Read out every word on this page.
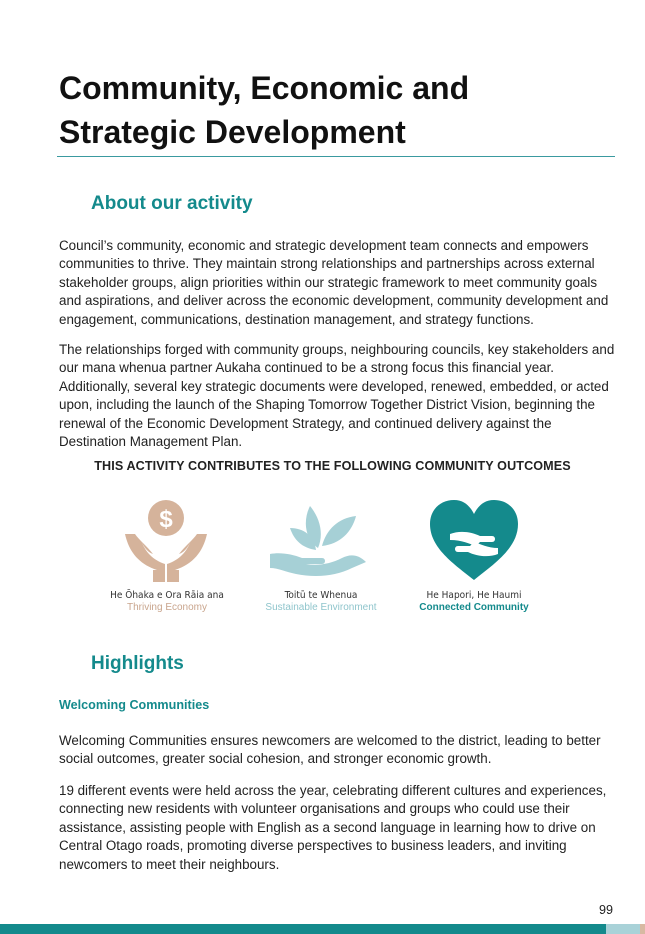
Community, Economic and
Strategic Development
About our activity

Council’s community, economic and strategic development team connects and empowers communities to thrive. They maintain strong relationships and partnerships across external stakeholder groups, align priorities within our strategic framework to meet community goals and aspirations, and deliver across the economic development, community development and engagement, communications, destination management, and strategy functions.

The relationships forged with community groups, neighbouring councils, key stakeholders and our mana whenua partner Aukaha continued to be a strong focus this financial year. Additionally, several key strategic documents were developed, renewed, embedded, or acted upon, including the launch of the Shaping Tomorrow Together District Vision, beginning the renewal of the Economic Development Strategy, and continued delivery against the Destination Management Plan.

THIS ACTIVITY CONTRIBUTES TO THE FOLLOWING COMMUNITY OUTCOMES

$
He Ōhaka e Ora Rāia ana
Thriving Economy
Toitū te Whenua
Sustainable Environment
He Hapori, He Haumi
Connected Community
Highlights
Welcoming Communities

Welcoming Communities ensures newcomers are welcomed to the district, leading to better social outcomes, greater social cohesion, and stronger economic growth.

19 different events were held across the year, celebrating different cultures and experiences, connecting new residents with volunteer organisations and groups who could use their assistance, assisting people with English as a second language in learning how to drive on Central Otago roads, promoting diverse perspectives to business leaders, and inviting newcomers to meet their neighbours.

99
